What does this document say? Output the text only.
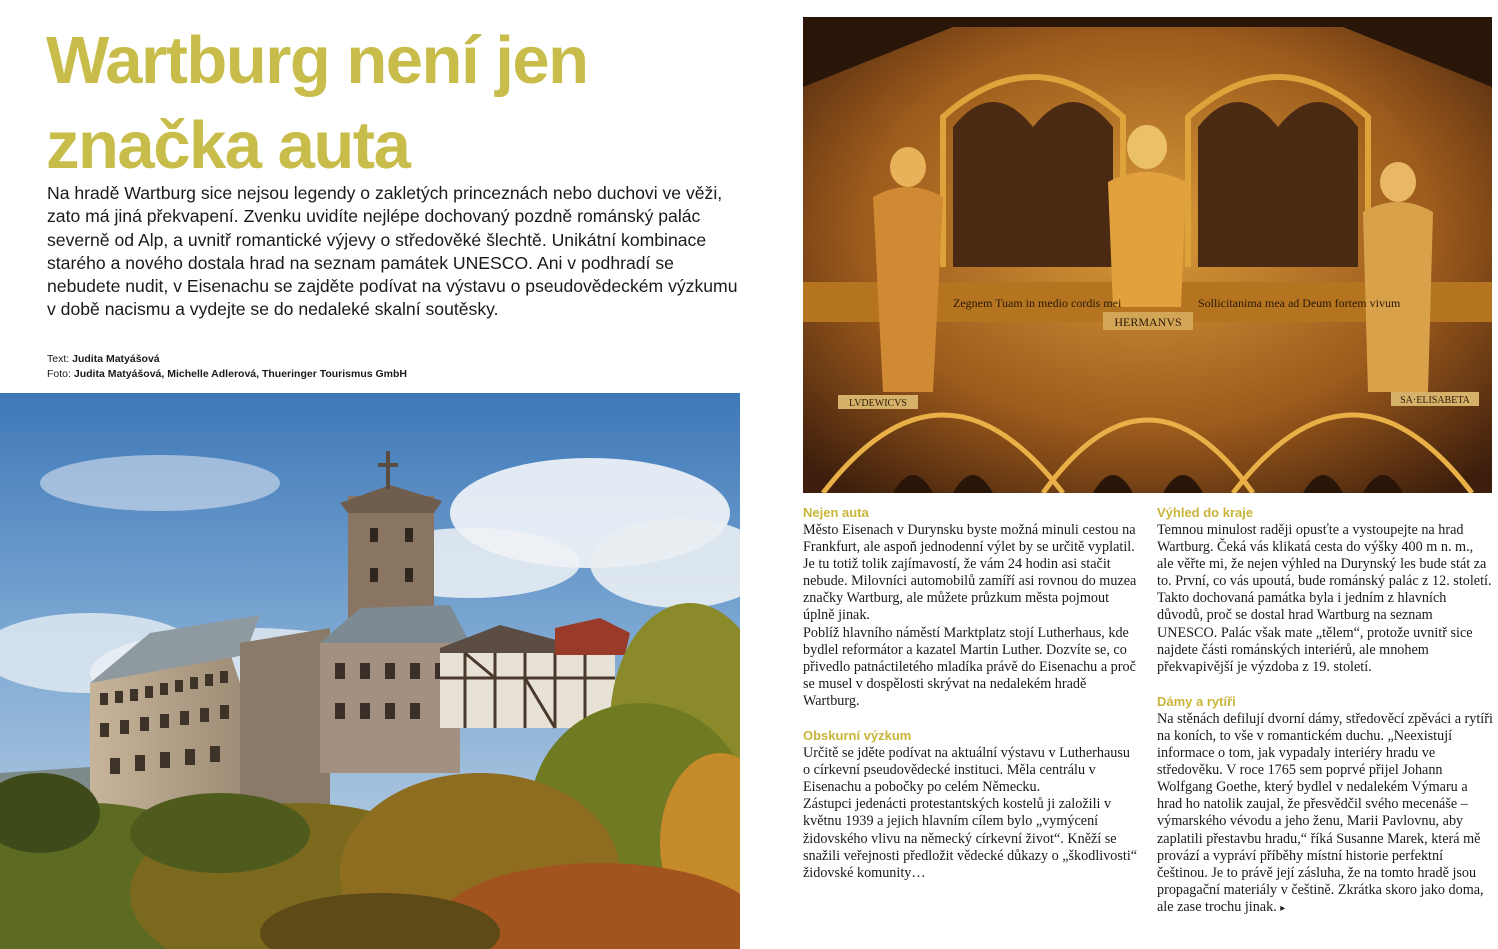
Wartburg není jen
značka auta

Na hradě Wartburg sice nejsou legendy o zakletých princeznách nebo duchovi ve věži, zato má jiná překvapení. Zvenku uvidíte nejlépe dochovaný pozdně románský palác severně od Alp, a uvnitř romantické výjevy o středověké šlechtě. Unikátní kombinace starého a nového dostala hrad na seznam památek UNESCO. Ani v podhradí se nebudete nudit, v Eisenachu se zajděte podívat na výstavu o pseudovědeckém výzkumu v době nacismu a vydejte se do nedaleké skalní soutěsky.

Text: Judita Matyášová
Foto: Judita Matyášová, Michelle Adlerová, Thueringer Tourismus GmbH
Zegnem Tuam in medio cordis mei	Sollicitanima mea ad Deum fortem vivum
HERMANVS
LVDEWICVS	SA·ELISABETA
Nejen auta

Město Eisenach v Durynsku byste možná minuli cestou na Frankfurt, ale aspoň jednodenní výlet by se určitě vyplatil. Je tu totiž tolik zajímavostí, že vám 24 hodin asi stačit nebude. Milovníci automobilů zamíří asi rovnou do muzea značky Wartburg, ale můžete průzkum města pojmout úplně jinak.

Poblíž hlavního náměstí Marktplatz stojí Lutherhaus, kde bydlel reformátor a kazatel Martin Luther. Dozvíte se, co přivedlo patnáctiletého mladíka právě do Eisenachu a proč se musel v dospělosti skrývat na nedalekém hradě Wartburg.

Obskurní výzkum

Určitě se jděte podívat na aktuální výstavu v Lutherhausu o církevní pseudovědecké instituci. Měla centrálu v Eisenachu a pobočky po celém Německu.

Zástupci jedenácti protestantských kostelů ji založili v květnu 1939 a jejich hlavním cílem bylo „vymýcení židovského vlivu na německý církevní život“. Kněží se snažili veřejnosti předložit vědecké důkazy o „škodlivosti“ židovské komunity…

Výhled do kraje

Temnou minulost raději opusťte a vystoupejte na hrad Wartburg. Čeká vás klikatá cesta do výšky 400 m n. m., ale věřte mi, že nejen výhled na Durynský les bude stát za to. První, co vás upoutá, bude románský palác z 12. století. Takto dochovaná památka byla i jedním z hlavních důvodů, proč se dostal hrad Wartburg na seznam UNESCO. Palác však mate „tělem“, protože uvnitř sice najdete části románských interiérů, ale mnohem překvapivější je výzdoba z 19. století.

Dámy a rytíři

Na stěnách defilují dvorní dámy, středověcí zpěváci a rytíři na koních, to vše v romantickém duchu. „Neexistují informace o tom, jak vypadaly interiéry hradu ve středověku. V roce 1765 sem poprvé přijel Johann Wolfgang Goethe, který bydlel v nedalekém Výmaru a hrad ho natolik zaujal, že přesvědčil svého mecenáše – výmarského vévodu a jeho ženu, Marii Pavlovnu, aby zaplatili přestavbu hradu,“ říká Susanne Marek, která mě provází a vypráví příběhy místní historie perfektní češtinou. Je to právě její zásluha, že na tomto hradě jsou propagační materiály v češtině. Zkrátka skoro jako doma, ale zase trochu jinak. ▸
